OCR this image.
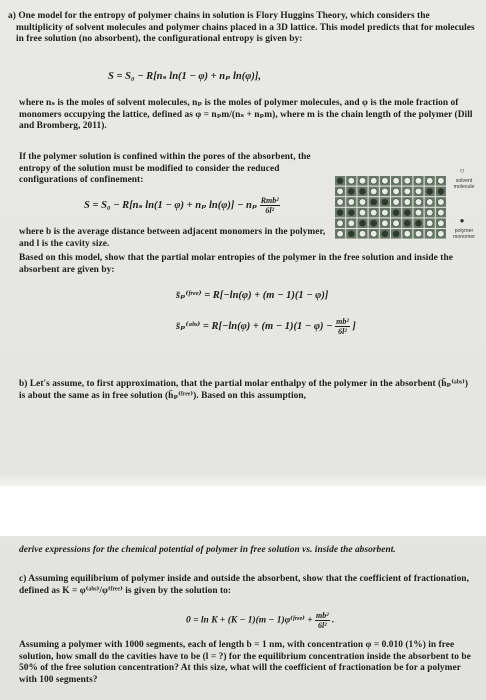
a) One model for the entropy of polymer chains in solution is Flory Huggins Theory, which considers the multiplicity of solvent molecules and polymer chains placed in a 3D lattice. This model predicts that for molecules in free solution (no absorbent), the configurational entropy is given by:
S = S₀ − R[nₛ ln(1 − φ) + nₚ ln(φ)],
where nₛ is the moles of solvent molecules, nₚ is the moles of polymer molecules, and φ is the mole fraction of monomers occupying the lattice, defined as φ = nₚm/(nₛ + nₚm), where m is the chain length of the polymer (Dill and Bromberg, 2011).
If the polymer solution is confined within the pores of the absorbent, the entropy of the solution must be modified to consider the reduced configurations of confinement:
S = S₀ − R[nₛ ln(1 − φ) + nₚ ln(φ)] − nₚ $\frac{\text{Rmb²}}{\text{6l²}}$
where b is the average distance between adjacent monomers in the polymer, and l is the cavity size.
Based on this model, show that the partial molar entropies of the polymer in the free solution and inside the absorbent are given by:
s̄ₚ⁽ᶠʳᵉᵉ⁾ = R[−ln(φ) + (m − 1)(1 − φ)]
s̄ₚ⁽ᵃᵇˢ⁾ = $R[-\ln(\varphi) + (m - 1)(1 - \varphi) - \frac{\text{mb²}}{\text{6l²}}$ ]
○
solvent molecule
●
polymer monomer
b) Let's assume, to first approximation, that the partial molar enthalpy of the polymer in the absorbent (h̄ₚ⁽ᵃᵇˢ⁾) is about the same as in free solution (h̄ₚ⁽ᶠʳᵉᵉ⁾). Based on this assumption,
derive expressions for the chemical potential of polymer in free solution vs. inside the absorbent.
c) Assuming equilibrium of polymer inside and outside the absorbent, show that the coefficient of fractionation, defined as K = φ⁽ᵃᵇˢ⁾/φ⁽ᶠʳᵉᵉ⁾ is given by the solution to:
0 = ln K + (K − 1)(m − 1)φ⁽ᶠʳᵉᵉ⁾ + $\frac{\text{mb²}}{\text{6l²}}$ .
Assuming a polymer with 1000 segments, each of length b = 1 nm, with concentration φ = 0.010 (1%) in free solution, how small do the cavities have to be (l = ?) for the equilibrium concentration inside the absorbent to be 50% of the free solution concentration? At this size, what will the coefficient of fractionation be for a polymer with 100 segments?
